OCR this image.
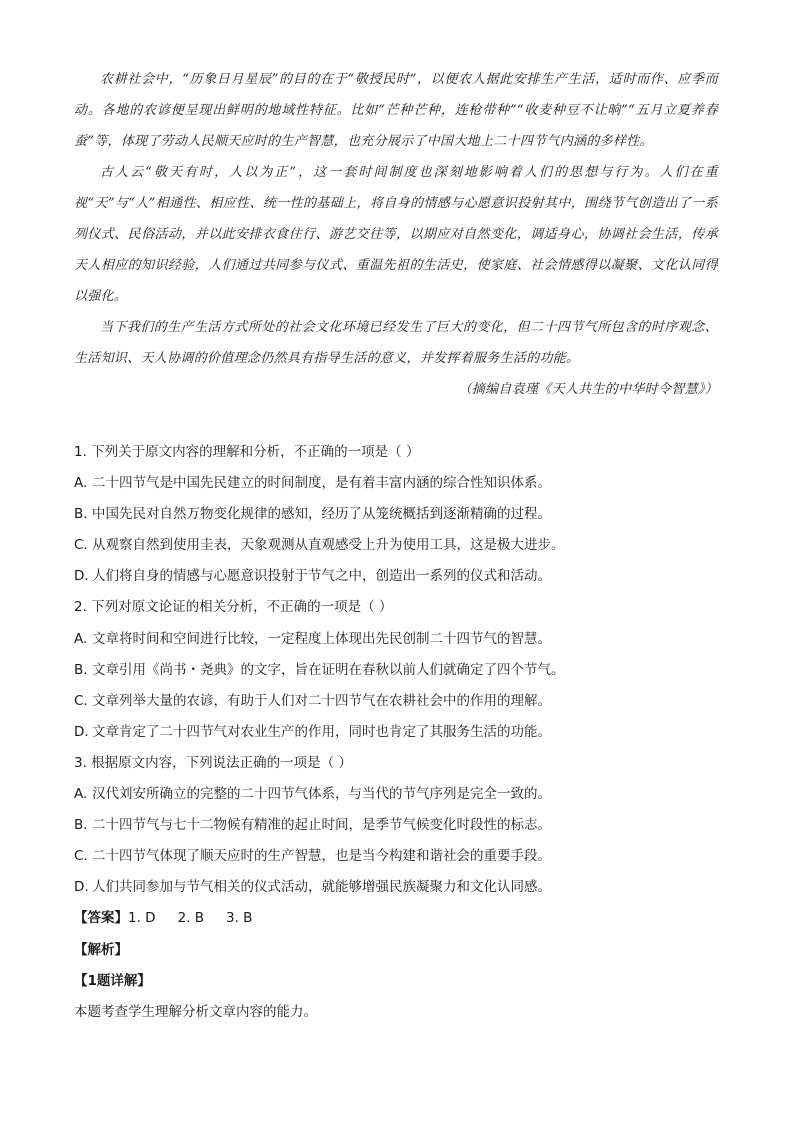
农耕社会中，“历象日月星辰”的目的在于“敬授民时”，以便农人据此安排生产生活，适时而作、应季而动。各地的农谚便呈现出鲜明的地域性特征。比如“芒种芒种，连枪带种”“收麦种豆不让晌”“五月立夏养春蚕”等，体现了劳动人民顺天应时的生产智慧，也充分展示了中国大地上二十四节气内涵的多样性。

古人云“敬天有时，人以为正”，这一套时间制度也深刻地影响着人们的思想与行为。人们在重视“天”与“人”相通性、相应性、统一性的基础上，将自身的情感与心愿意识投射其中，围绕节气创造出了一系列仪式、民俗活动，并以此安排衣食住行、游艺交往等，以期应对自然变化，调适身心，协调社会生活，传承天人相应的知识经验，人们通过共同参与仪式、重温先祖的生活史，使家庭、社会情感得以凝聚、文化认同得以强化。

当下我们的生产生活方式所处的社会文化环境已经发生了巨大的变化，但二十四节气所包含的时序观念、生活知识、天人协调的价值理念仍然具有指导生活的意义，并发挥着服务生活的功能。

（摘编自袁瑾《天人共生的中华时令智慧》）

1. 下列关于原文内容的理解和分析，不正确的一项是（ ）
A. 二十四节气是中国先民建立的时间制度，是有着丰富内涵的综合性知识体系。
B. 中国先民对自然万物变化规律的感知，经历了从笼统概括到逐渐精确的过程。
C. 从观察自然到使用圭表，天象观测从直观感受上升为使用工具，这是极大进步。
D. 人们将自身的情感与心愿意识投射于节气之中，创造出一系列的仪式和活动。
2. 下列对原文论证的相关分析，不正确的一项是（ ）
A. 文章将时间和空间进行比较，一定程度上体现出先民创制二十四节气的智慧。
B. 文章引用《尚书・尧典》的文字，旨在证明在春秋以前人们就确定了四个节气。
C. 文章列举大量的农谚，有助于人们对二十四节气在农耕社会中的作用的理解。
D. 文章肯定了二十四节气对农业生产的作用，同时也肯定了其服务生活的功能。
3. 根据原文内容，下列说法正确的一项是（ ）
A. 汉代刘安所确立的完整的二十四节气体系，与当代的节气序列是完全一致的。
B. 二十四节气与七十二物候有精准的起止时间，是季节气候变化时段性的标志。
C. 二十四节气体现了顺天应时的生产智慧，也是当今构建和谐社会的重要手段。
D. 人们共同参加与节气相关的仪式活动，就能够增强民族凝聚力和文化认同感。
【答案】1. D 2. B 3. B
【解析】
【1题详解】
本题考查学生理解分析文章内容的能力。
